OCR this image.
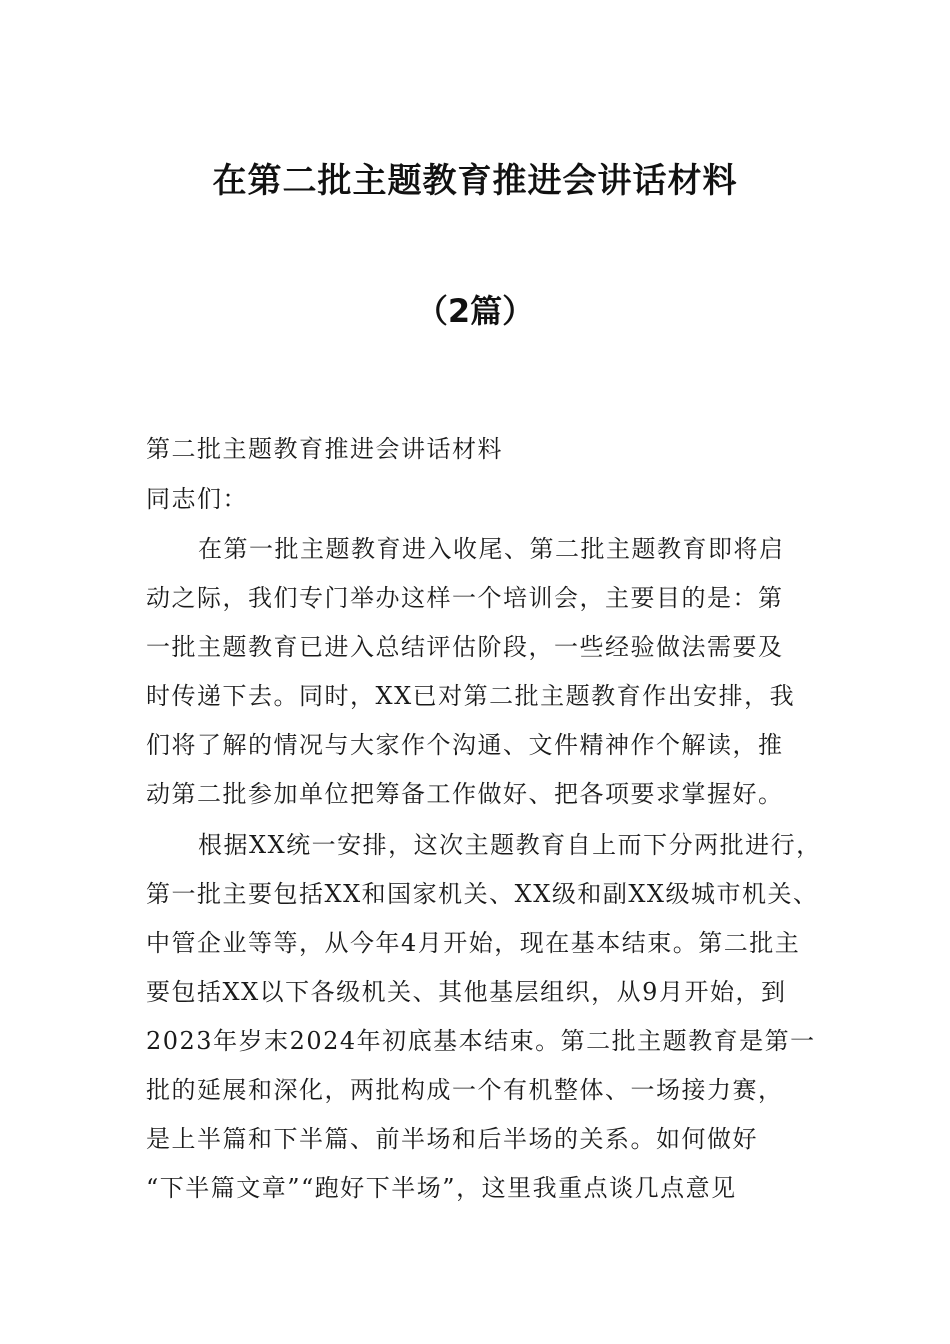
在第二批主题教育推进会讲话材料
（2篇）
第二批主题教育推进会讲话材料
同志们：
在第一批主题教育进入收尾、第二批主题教育即将启
动之际，我们专门举办这样一个培训会，主要目的是：第
一批主题教育已进入总结评估阶段，一些经验做法需要及
时传递下去。同时，XX已对第二批主题教育作出安排，我
们将了解的情况与大家作个沟通、文件精神作个解读，推
动第二批参加单位把筹备工作做好、把各项要求掌握好。
根据XX统一安排，这次主题教育自上而下分两批进行，
第一批主要包括XX和国家机关、XX级和副XX级城市机关、
中管企业等等，从今年4月开始，现在基本结束。第二批主
要包括XX以下各级机关、其他基层组织，从9月开始，到
2023年岁末2024年初底基本结束。第二批主题教育是第一
批的延展和深化，两批构成一个有机整体、一场接力赛，
是上半篇和下半篇、前半场和后半场的关系。如何做好
“下半篇文章”“跑好下半场”，这里我重点谈几点意见
